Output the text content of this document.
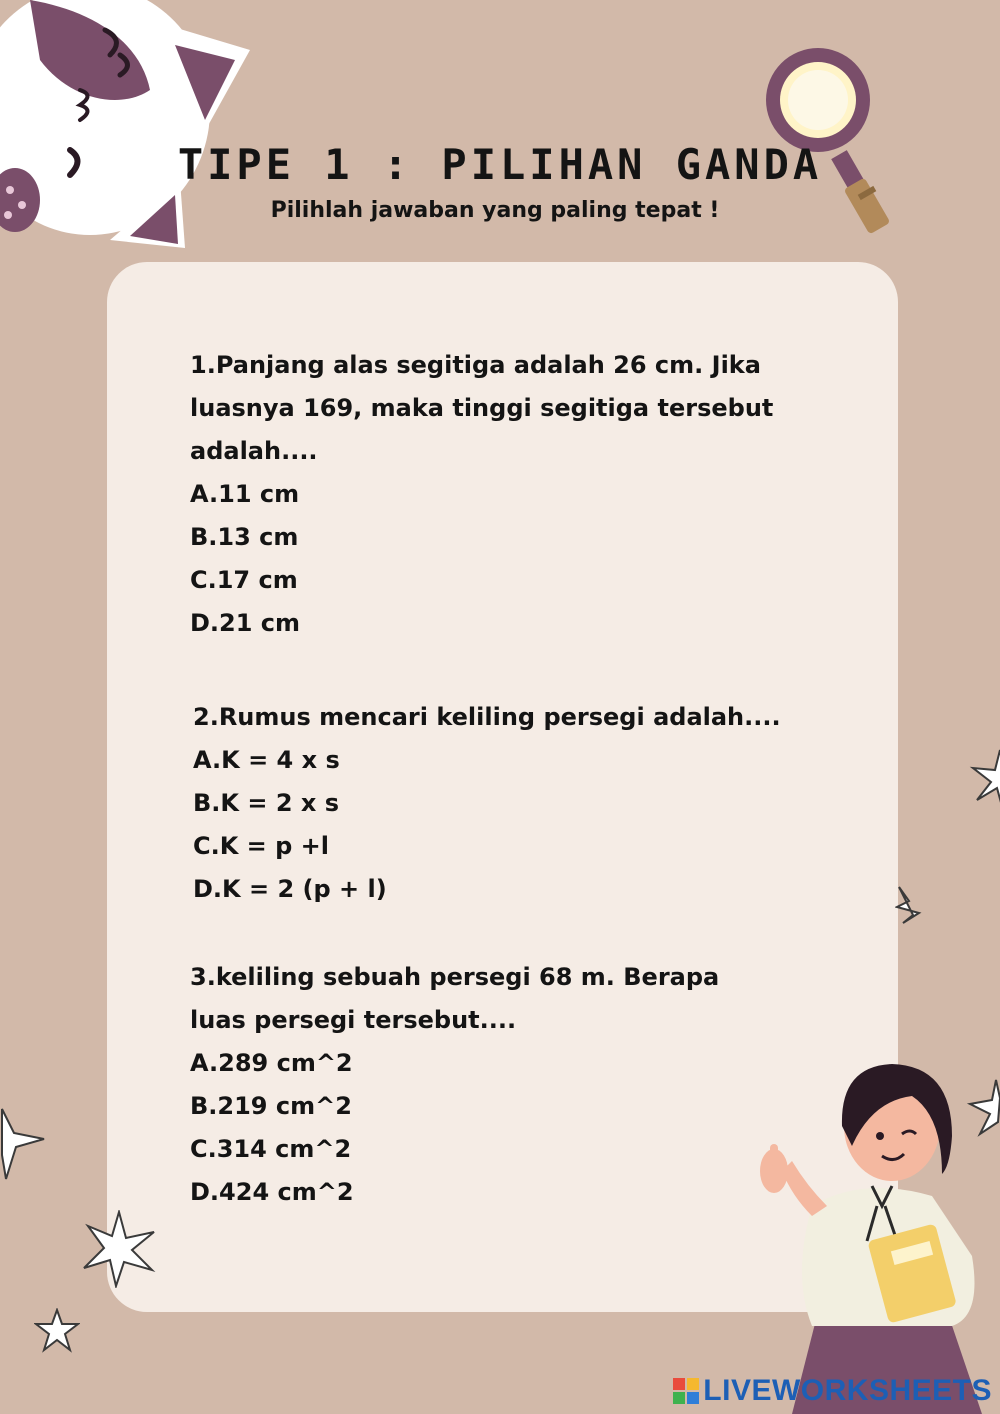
TIPE 1 : PILIHAN GANDA
Pilihlah jawaban yang paling tepat !

1.Panjang alas segitiga adalah 26 cm. Jika luasnya 169, maka tinggi segitiga tersebut adalah....

A.11 cm

B.13 cm

C.17 cm

D.21 cm

2.Rumus mencari keliling persegi adalah....

A.K = 4 x s

B.K = 2 x s

C.K = p +l

D.K = 2 (p + l)

3.keliling sebuah persegi 68 m. Berapa luas persegi tersebut....

A.289 cm^2

B.219 cm^2

C.314 cm^2

D.424 cm^2

LIVEWORKSHEETS
